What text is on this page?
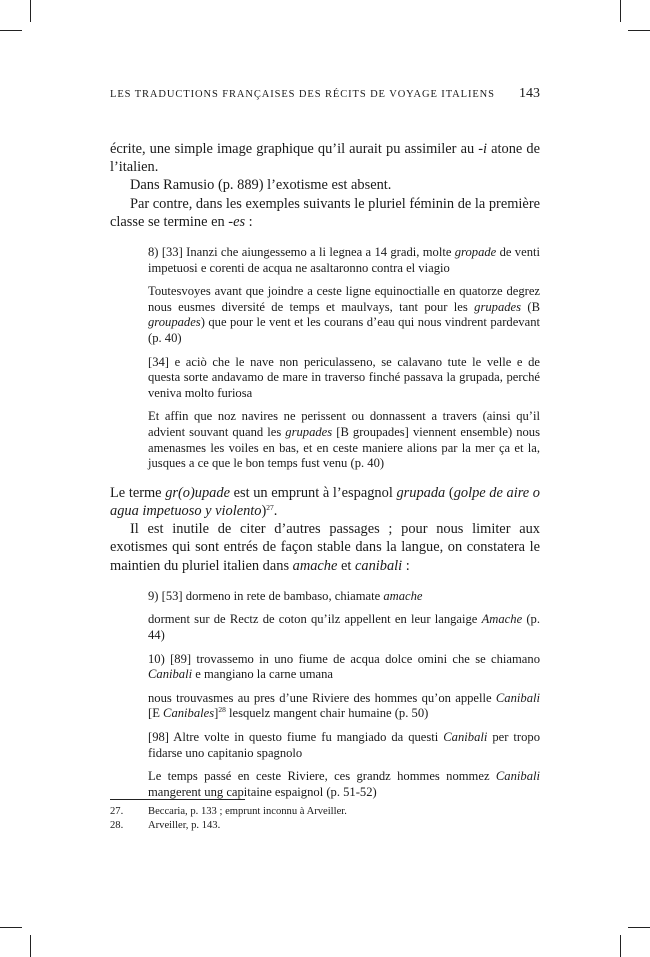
LES TRADUCTIONS FRANÇAISES DES RÉCITS DE VOYAGE ITALIENS 143

écrite, une simple image graphique qu’il aurait pu assimiler au -i atone de l’italien.

Dans Ramusio (p. 889) l’exotisme est absent.

Par contre, dans les exemples suivants le pluriel féminin de la première classe se termine en -es :

8) [33] Inanzi che aiungessemo a li legnea a 14 gradi, molte gropade de venti impetuosi e corenti de acqua ne asaltaronno contra el viagio

Toutesvoyes avant que joindre a ceste ligne equinoctialle en quatorze degrez nous eusmes diversité de temps et maulvays, tant pour les grupades (B groupades) que pour le vent et les courans d’eau qui nous vindrent pardevant (p. 40)

[34] e aciò che le nave non periculasseno, se calavano tute le velle e de questa sorte andavamo de mare in traverso finché passava la grupada, perché veniva molto furiosa

Et affin que noz navires ne perissent ou donnassent a travers (ainsi qu’il advient souvant quand les grupades [B groupades] viennent ensemble) nous amenasmes les voiles en bas, et en ceste maniere alions par la mer ça et la, jusques a ce que le bon temps fust venu (p. 40)

Le terme gr(o)upade est un emprunt à l’espagnol grupada (golpe de aire o agua impetuoso y violento)$^{27}$.

Il est inutile de citer d’autres passages ; pour nous limiter aux exotismes qui sont entrés de façon stable dans la langue, on constatera le maintien du pluriel italien dans amache et canibali :

9) [53] dormeno in rete de bambaso, chiamate amache

dorment sur de Rectz de coton qu’ilz appellent en leur langaige Amache (p. 44)

10) [89] trovassemo in uno fiume de acqua dolce omini che se chiamano Canibali e mangiano la carne umana

nous trouvasmes au pres d’une Riviere des hommes qu’on appelle Canibali [E Canibales]$^{28}$ lesquelz mangent chair humaine (p. 50)

[98] Altre volte in questo fiume fu mangiado da questi Canibali per tropo fidarse uno capitanio spagnolo

Le temps passé en ceste Riviere, ces grandz hommes nommez Canibali mangerent ung capitaine espaignol (p. 51-52)

27.	Beccaria, p. 133 ; emprunt inconnu à Arveiller.
28.	Arveiller, p. 143.
